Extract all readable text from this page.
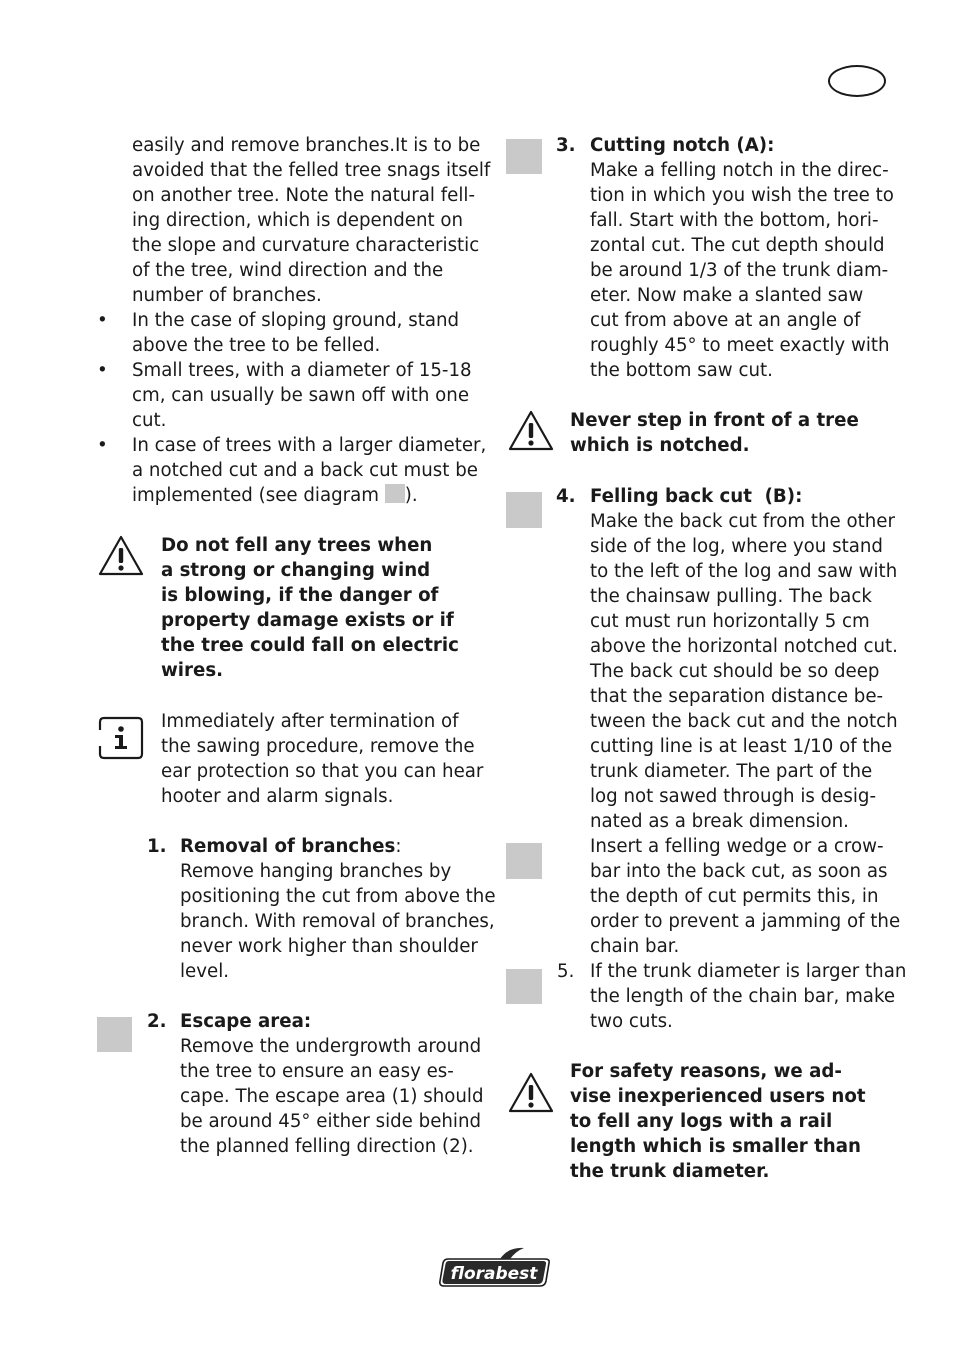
easily and remove branches.It is to be
avoided that the felled tree snags itself
on another tree. Note the natural fell-
ing direction, which is dependent on
the slope and curvature characteristic
of the tree, wind direction and the
number of branches.
• In the case of sloping ground, stand
above the tree to be felled.
• Small trees, with a diameter of 15-18
cm, can usually be sawn off with one
cut.
• In case of trees with a larger diameter,
a notched cut and a back cut must be
implemented (see diagram ).
Do not fell any trees when
a strong or changing wind
is blowing, if the danger of
property damage exists or if
the tree could fall on electric
wires.
Immediately after termination of
the sawing procedure, remove the
ear protection so that you can hear
hooter and alarm signals.
1. Removal of branches:
Remove hanging branches by
positioning the cut from above the
branch. With removal of branches,
never work higher than shoulder
level.
2. Escape area:
Remove the undergrowth around
the tree to ensure an easy es-
cape. The escape area (1) should
be around 45° either side behind
the planned felling direction (2).
3. Cutting notch (A):
Make a felling notch in the direc-
tion in which you wish the tree to
fall. Start with the bottom, hori-
zontal cut. The cut depth should
be around 1/3 of the trunk diam-
eter. Now make a slanted saw
cut from above at an angle of
roughly 45° to meet exactly with
the bottom saw cut.
Never step in front of a tree
which is notched.
4. Felling back cut  (B):
Make the back cut from the other
side of the log, where you stand
to the left of the log and saw with
the chainsaw pulling. The back
cut must run horizontally 5 cm
above the horizontal notched cut.
The back cut should be so deep
that the separation distance be-
tween the back cut and the notch
cutting line is at least 1/10 of the
trunk diameter. The part of the
log not sawed through is desig-
nated as a break dimension.
Insert a felling wedge or a crow-
bar into the back cut, as soon as
the depth of cut permits this, in
order to prevent a jamming of the
chain bar.
5. If the trunk diameter is larger than
the length of the chain bar, make
two cuts.
For safety reasons, we ad-
vise inexperienced users not
to fell any logs with a rail
length which is smaller than
the trunk diameter.
florabest
